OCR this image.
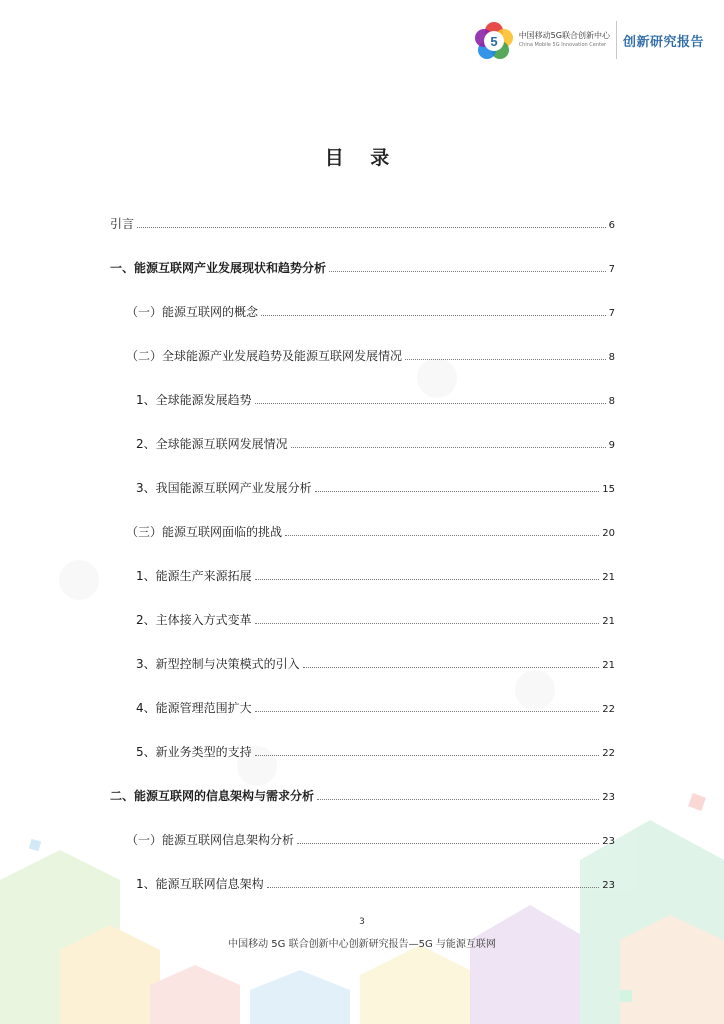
5	中国移动5G联合创新中心
China Mobile 5G Innovation Center 创新研究报告
目 录
引言	6
一、能源互联网产业发展现状和趋势分析	7
（一）能源互联网的概念	7
（二）全球能源产业发展趋势及能源互联网发展情况	8
1、全球能源发展趋势	8
2、全球能源互联网发展情况	9
3、我国能源互联网产业发展分析	15
（三）能源互联网面临的挑战	20
1、能源生产来源拓展	21
2、主体接入方式变革	21
3、新型控制与决策模式的引入	21
4、能源管理范围扩大	22
5、新业务类型的支持	22
二、能源互联网的信息架构与需求分析	23
（一）能源互联网信息架构分析	23
1、能源互联网信息架构	23
3
中国移动 5G 联合创新中心创新研究报告—5G 与能源互联网
